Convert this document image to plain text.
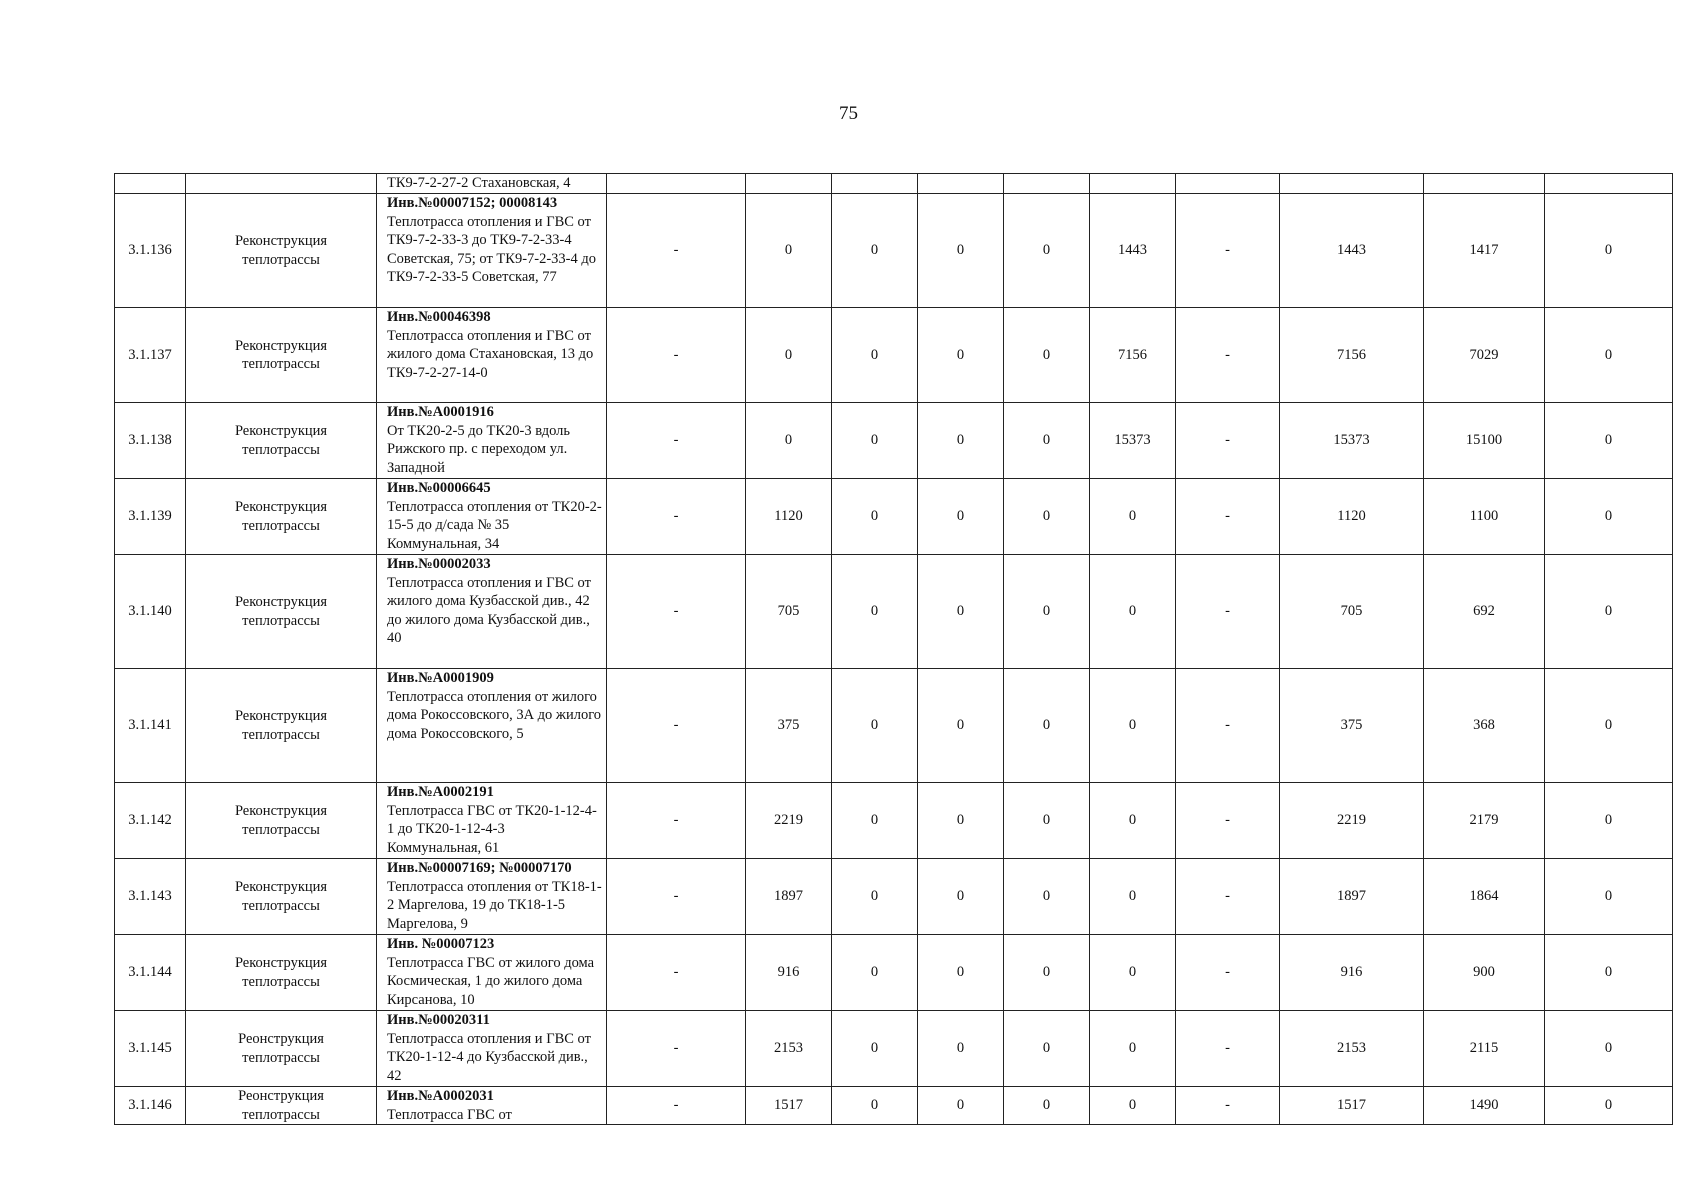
75

		ТК9-7-2-27-2 Стахановская, 4										

3.1.136	Реконструкция теплотрассы	Инв.№00007152; 00008143
Теплотрасса отопления и ГВС от ТК9-7-2-33-3 до ТК9-7-2-33-4 Советская, 75; от ТК9-7-2-33-4 до ТК9-7-2-33-5 Советская, 77	-	0	0	0	0	1443	-	1443	1417	0
3.1.137	Реконструкция теплотрассы	Инв.№00046398
Теплотрасса отопления и ГВС от жилого дома Стахановская, 13 до ТК9-7-2-27-14-0	-	0	0	0	0	7156	-	7156	7029	0
3.1.138	Реконструкция теплотрассы	Инв.№А0001916
От ТК20-2-5 до ТК20-3 вдоль Рижского пр. с переходом ул. Западной	-	0	0	0	0	15373	-	15373	15100	0
3.1.139	Реконструкция теплотрассы	Инв.№00006645
Теплотрасса отопления от ТК20-2-15-5 до д/сада № 35 Коммунальная, 34	-	1120	0	0	0	0	-	1120	1100	0
3.1.140	Реконструкция теплотрассы	Инв.№00002033
Теплотрасса отопления и ГВС от жилого дома Кузбасской див., 42 до жилого дома Кузбасской див., 40	-	705	0	0	0	0	-	705	692	0
3.1.141	Реконструкция теплотрассы	Инв.№А0001909
Теплотрасса отопления от жилого дома Рокоссовского, 3А до жилого дома Рокоссовского, 5	-	375	0	0	0	0	-	375	368	0
3.1.142	Реконструкция теплотрассы	Инв.№А0002191
Теплотрасса ГВС от ТК20-1-12-4-1 до ТК20-1-12-4-3 Коммунальная, 61	-	2219	0	0	0	0	-	2219	2179	0
3.1.143	Реконструкция теплотрассы	Инв.№00007169; №00007170
Теплотрасса отопления от ТК18-1-2 Маргелова, 19 до ТК18-1-5 Маргелова, 9	-	1897	0	0	0	0	-	1897	1864	0
3.1.144	Реконструкция теплотрассы	Инв. №00007123
Теплотрасса ГВС от жилого дома Космическая, 1 до жилого дома Кирсанова, 10	-	916	0	0	0	0	-	916	900	0
3.1.145	Реонструкция теплотрассы	Инв.№00020311
Теплотрасса отопления и ГВС от ТК20-1-12-4 до Кузбасской див., 42	-	2153	0	0	0	0	-	2153	2115	0
3.1.146	Реонструкция теплотрассы	Инв.№А0002031
Теплотрасса ГВС от	-	1517	0	0	0	0	-	1517	1490	0
